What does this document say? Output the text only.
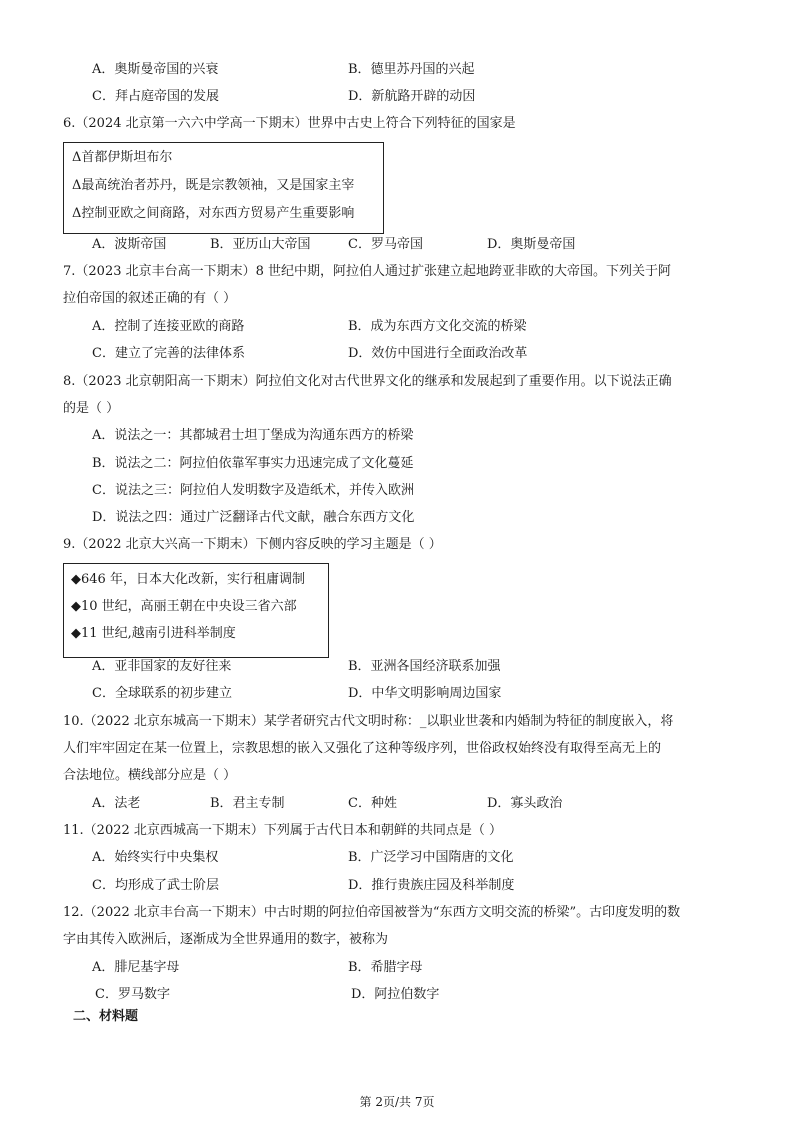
A．奥斯曼帝国的兴衰	B．德里苏丹国的兴起
C．拜占庭帝国的发展	D．新航路开辟的动因
6.（2024 北京第一六六中学高一下期末）世界中古史上符合下列特征的国家是
Δ首都伊斯坦布尔
Δ最高统治者苏丹，既是宗教领袖，又是国家主宰
Δ控制亚欧之间商路，对东西方贸易产生重要影响
A．波斯帝国	B．亚历山大帝国	C．罗马帝国	D．奥斯曼帝国
7.（2023 北京丰台高一下期末）8 世纪中期，阿拉伯人通过扩张建立起地跨亚非欧的大帝国。下列关于阿
拉伯帝国的叙述正确的有（ ）
A．控制了连接亚欧的商路	B．成为东西方文化交流的桥梁
C．建立了完善的法律体系	D．效仿中国进行全面政治改革
8.（2023 北京朝阳高一下期末）阿拉伯文化对古代世界文化的继承和发展起到了重要作用。以下说法正确
的是（ ）
A．说法之一：其都城君士坦丁堡成为沟通东西方的桥梁
B．说法之二：阿拉伯依靠军事实力迅速完成了文化蔓延
C．说法之三：阿拉伯人发明数字及造纸术，并传入欧洲
D．说法之四：通过广泛翻译古代文献，融合东西方文化
9.（2022 北京大兴高一下期末）下侧内容反映的学习主题是（ ）
◆646 年，日本大化改新，实行租庸调制
◆10 世纪，高丽王朝在中央设三省六部
◆11 世纪,越南引进科举制度
A．亚非国家的友好往来	B．亚洲各国经济联系加强
C．全球联系的初步建立	D．中华文明影响周边国家
10.（2022 北京东城高一下期末）某学者研究古代文明时称：_以职业世袭和内婚制为特征的制度嵌入，将
人们牢牢固定在某一位置上，宗教思想的嵌入又强化了这种等级序列，世俗政权始终没有取得至高无上的
合法地位。横线部分应是（ ）
A．法老	B．君主专制	C．种姓	D．寡头政治
11.（2022 北京西城高一下期末）下列属于古代日本和朝鲜的共同点是（ ）
A．始终实行中央集权	B．广泛学习中国隋唐的文化
C．均形成了武士阶层	D．推行贵族庄园及科举制度
12.（2022 北京丰台高一下期末）中古时期的阿拉伯帝国被誉为“东西方文明交流的桥梁”。古印度发明的数
字由其传入欧洲后，逐渐成为全世界通用的数字，被称为
A．腓尼基字母	B．希腊字母
C．罗马数字	D．阿拉伯数字
二、材料题
第 2页/共 7页
